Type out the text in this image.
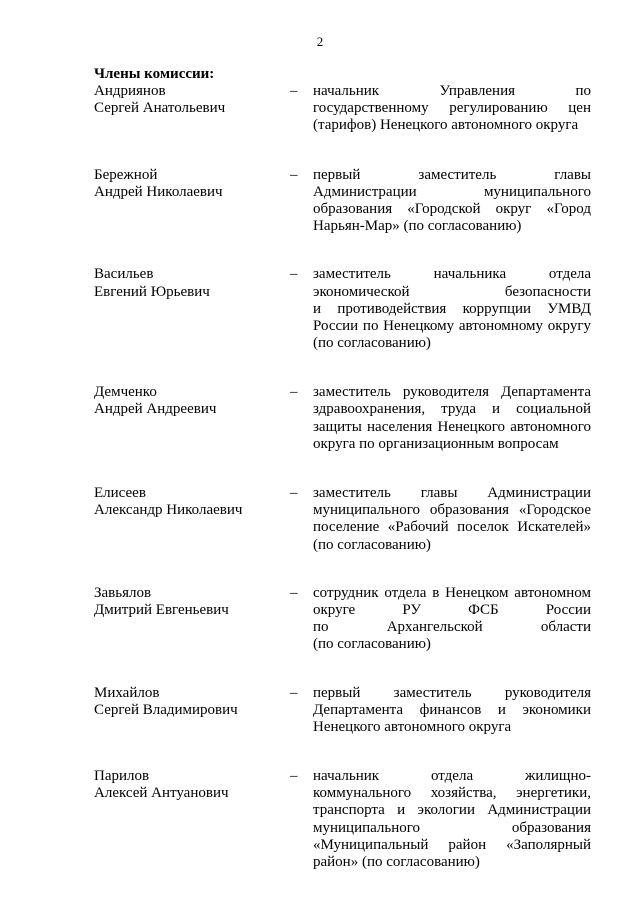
2
Члены комиссии:
Андриянов
Сергей Анатольевич
– начальник Управления по
государственному регулированию цен
(тарифов) Ненецкого автономного округа
Бережной
Андрей Николаевич
– первый заместитель главы
Администрации муниципального
образования «Городской округ «Город
Нарьян-Мар» (по согласованию)
Васильев
Евгений Юрьевич
– заместитель начальника отдела
экономической безопасности
и противодействия коррупции УМВД
России по Ненецкому автономному округу
(по согласованию)
Демченко
Андрей Андреевич
– заместитель руководителя Департамента
здравоохранения, труда и социальной
защиты населения Ненецкого автономного
округа по организационным вопросам
Елисеев
Александр Николаевич
– заместитель главы Администрации
муниципального образования «Городское
поселение «Рабочий поселок Искателей»
(по согласованию)
Завьялов
Дмитрий Евгеньевич
– сотрудник отдела в Ненецком автономном
округе РУ ФСБ России
по Архангельской области
(по согласованию)
Михайлов
Сергей Владимирович
– первый заместитель руководителя
Департамента финансов и экономики
Ненецкого автономного округа
Парилов
Алексей Антуанович
– начальник отдела жилищно-
коммунального хозяйства, энергетики,
транспорта и экологии Администрации
муниципального образования
«Муниципальный район «Заполярный
район» (по согласованию)
